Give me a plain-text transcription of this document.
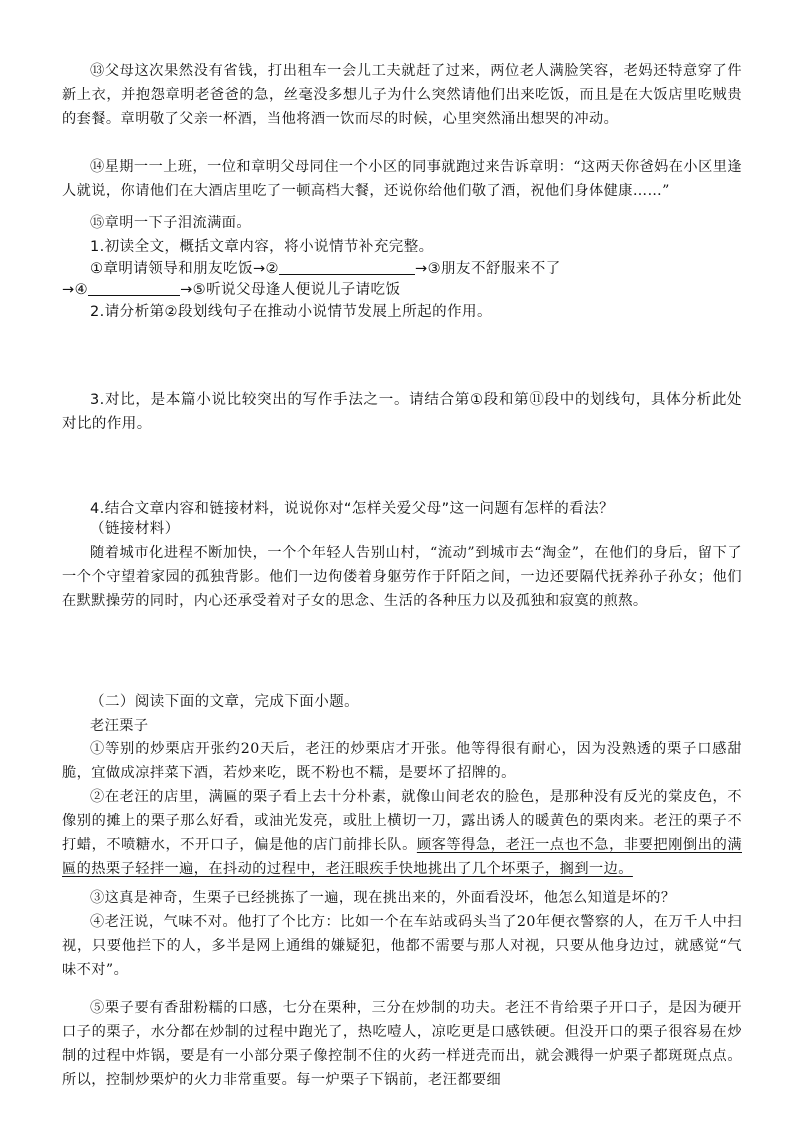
⑬父母这次果然没有省钱，打出租车一会儿工夫就赶了过来，两位老人满脸笑容，老妈还特意穿了件新上衣，并抱怨章明老爸爸的急，丝毫没多想儿子为什么突然请他们出来吃饭，而且是在大饭店里吃贼贵的套餐。章明敬了父亲一杯酒，当他将酒一饮而尽的时候，心里突然涌出想哭的冲动。
⑭星期一一上班，一位和章明父母同住一个小区的同事就跑过来告诉章明：“这两天你爸妈在小区里逢人就说，你请他们在大酒店里吃了一顿高档大餐，还说你给他们敬了酒，祝他们身体健康……”
⑮章明一下子泪流满面。
1.初读全文，概括文章内容，将小说情节补充完整。
①章明请领导和朋友吃饭→②	→③朋友不舒服来不了
→④	→⑤听说父母逢人便说儿子请吃饭
2.请分析第②段划线句子在推动小说情节发展上所起的作用。
3.对比，是本篇小说比较突出的写作手法之一。请结合第①段和第⑪段中的划线句，具体分析此处对比的作用。
4.结合文章内容和链接材料，说说你对“怎样关爱父母”这一问题有怎样的看法？
（链接材料）
随着城市化进程不断加快，一个个年轻人告别山村，“流动”到城市去“淘金”，在他们的身后，留下了一个个守望着家园的孤独背影。他们一边佝偻着身躯劳作于阡陌之间，一边还要隔代抚养孙子孙女；他们在默默操劳的同时，内心还承受着对子女的思念、生活的各种压力以及孤独和寂寞的煎熬。
（二）阅读下面的文章，完成下面小题。
老汪栗子
①等别的炒栗店开张约20天后，老汪的炒栗店才开张。他等得很有耐心，因为没熟透的栗子口感甜脆，宜做成凉拌菜下酒，若炒来吃，既不粉也不糯，是要坏了招牌的。
②在老汪的店里，满匾的栗子看上去十分朴素，就像山间老农的脸色，是那种没有反光的棠皮色，不像别的摊上的栗子那么好看，或油光发亮，或肚上横切一刀，露出诱人的暖黄色的栗肉来。老汪的栗子不打蜡，不喷糖水，不开口子，偏是他的店门前排长队。顾客等得急，老汪一点也不急，非要把刚倒出的满匾的热栗子轻拌一遍，在抖动的过程中，老汪眼疾手快地挑出了几个坏栗子，搁到一边。
③这真是神奇，生栗子已经挑拣了一遍，现在挑出来的，外面看没坏，他怎么知道是坏的？
④老汪说，气味不对。他打了个比方：比如一个在车站或码头当了20年便衣警察的人，在万千人中扫视，只要他拦下的人，多半是网上通缉的嫌疑犯，他都不需要与那人对视，只要从他身边过，就感觉“气味不对”。
⑤栗子要有香甜粉糯的口感，七分在栗种，三分在炒制的功夫。老汪不肯给栗子开口子，是因为硬开口子的栗子，水分都在炒制的过程中跑光了，热吃噎人，凉吃更是口感铁硬。但没开口的栗子很容易在炒制的过程中炸锅，要是有一小部分栗子像控制不住的火药一样迸壳而出，就会溅得一炉栗子都斑斑点点。所以，控制炒栗炉的火力非常重要。每一炉栗子下锅前，老汪都要细
